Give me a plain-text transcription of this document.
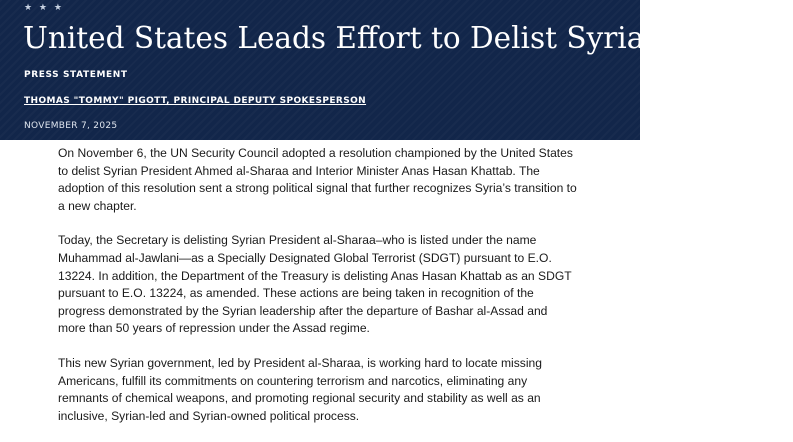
★ ★ ★
United States Leads Effort to Delist Syrian Leaders
PRESS STATEMENT
THOMAS "TOMMY" PIGOTT, PRINCIPAL DEPUTY SPOKESPERSON
NOVEMBER 7, 2025

On November 6, the UN Security Council adopted a resolution championed by the United States to delist Syrian President Ahmed al-Sharaa and Interior Minister Anas Hasan Khattab. The adoption of this resolution sent a strong political signal that further recognizes Syria’s transition to a new chapter.

Today, the Secretary is delisting Syrian President al-Sharaa–who is listed under the name Muhammad al-Jawlani—as a Specially Designated Global Terrorist (SDGT) pursuant to E.O. 13224. In addition, the Department of the Treasury is delisting Anas Hasan Khattab as an SDGT pursuant to E.O. 13224, as amended. These actions are being taken in recognition of the progress demonstrated by the Syrian leadership after the departure of Bashar al-Assad and more than 50 years of repression under the Assad regime.

This new Syrian government, led by President al-Sharaa, is working hard to locate missing Americans, fulfill its commitments on countering terrorism and narcotics, eliminating any remnants of chemical weapons, and promoting regional security and stability as well as an inclusive, Syrian-led and Syrian-owned political process.
